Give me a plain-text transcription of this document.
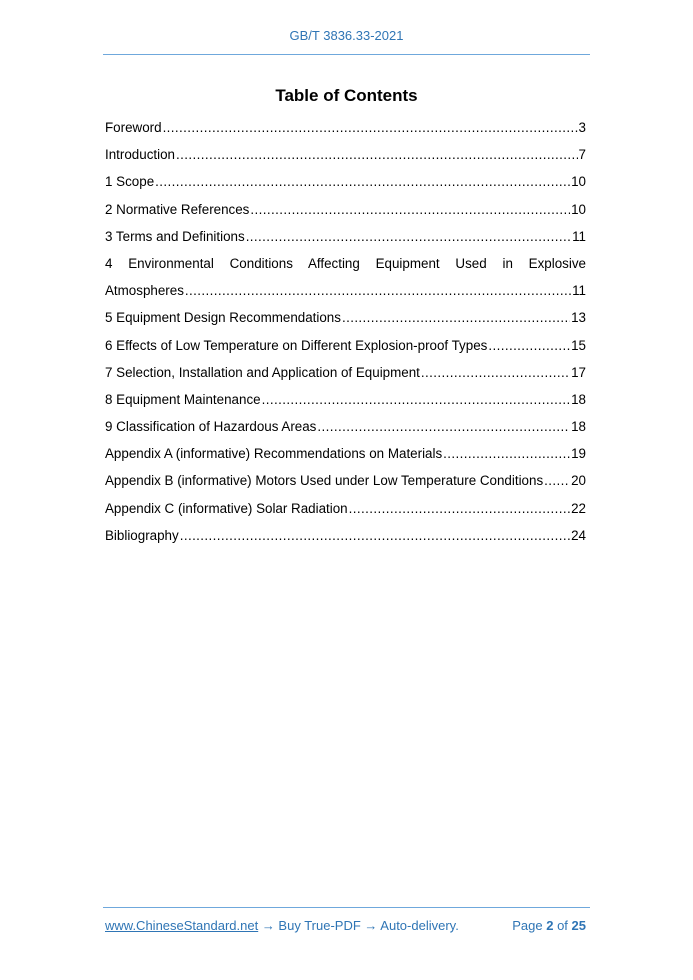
GB/T 3836.33-2021
Table of Contents
Foreword .....	3
Introduction .....	7
1 Scope .....	10
2 Normative References .....	10
3 Terms and Definitions .....	11
4 Environmental Conditions Affecting Equipment Used in Explosive
Atmospheres .....	11
5 Equipment Design Recommendations .....	13
6 Effects of Low Temperature on Different Explosion-proof Types .....	15
7 Selection, Installation and Application of Equipment .....	17
8 Equipment Maintenance .....	18
9 Classification of Hazardous Areas .....	18
Appendix A (informative) Recommendations on Materials .....	19
Appendix B (informative) Motors Used under Low Temperature Conditions ..... 20
Appendix C (informative) Solar Radiation .....	22
Bibliography .....	24
www.ChineseStandard.net → Buy True-PDF → Auto-delivery.	Page 2 of 25
